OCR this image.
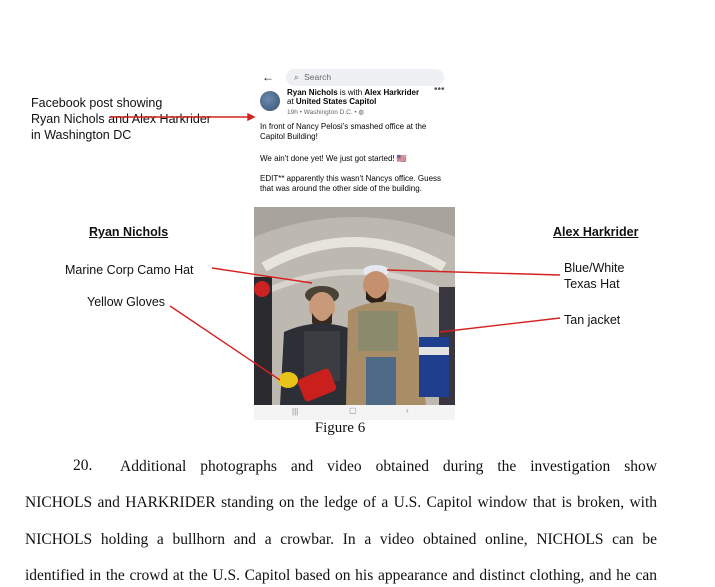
Facebook post showing
Ryan Nichols and Alex Harkrider
in Washington DC
Ryan Nichols	Alex Harkrider
Marine Corp Camo Hat
Yellow Gloves
Blue/White
Texas Hat
Tan jacket
←	⌕ Search
Ryan Nichols is with Alex Harkrider at United States Capitol
19h • Washington D.C. • ◍
•••
In front of Nancy Pelosi's smashed office at the Capitol Building!
We ain't done yet! We just got started! 🇺🇸
EDIT** apparently this wasn't Nancys office. Guess that was around the other side of the building.
|||	▢	‹
Figure 6
20. Additional photographs and video obtained during the investigation show
NICHOLS and HARKRIDER standing on the ledge of a U.S. Capitol window that is broken, with
NICHOLS holding a bullhorn and a crowbar. In a video obtained online, NICHOLS can be
identified in the crowd at the U.S. Capitol based on his appearance and distinct clothing, and he can
